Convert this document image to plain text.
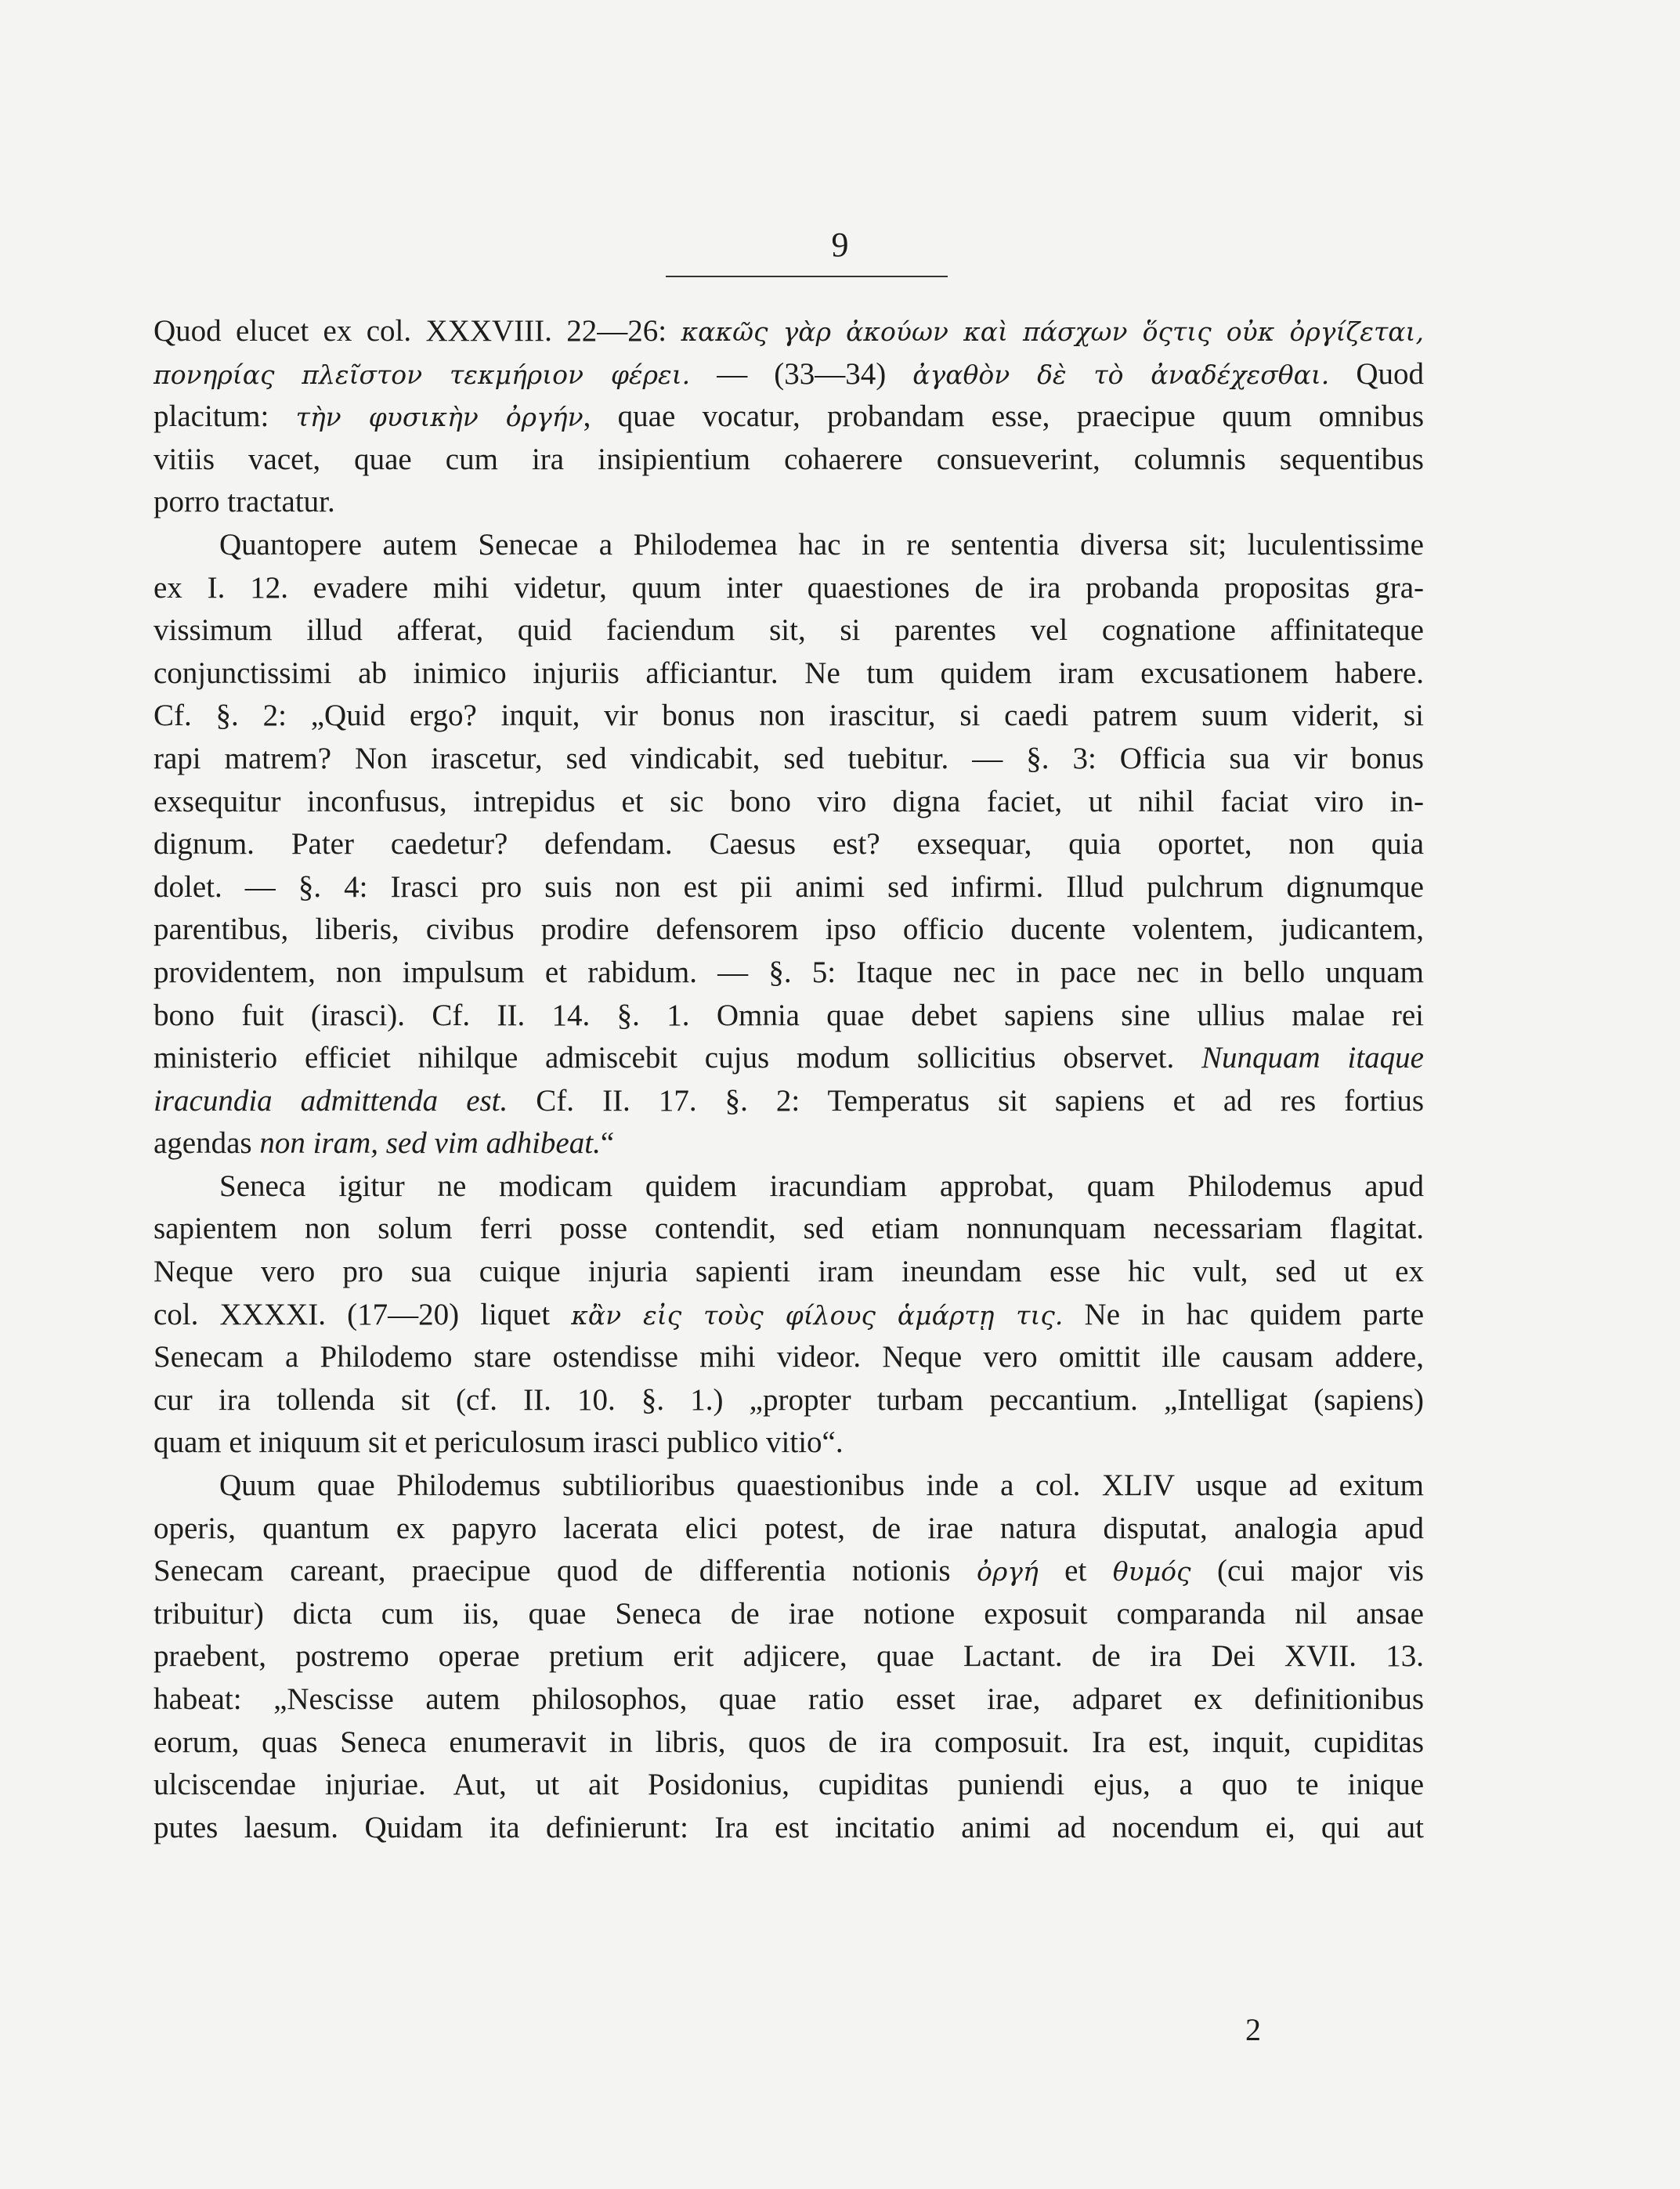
9
Quod elucet ex col. XXXVIII. 22—26: κακῶς γὰρ ἀκούων καὶ πάσχων ὅςτις οὐκ ὀργίζεται,
πονηρίας πλεῖστον τεκμήριον φέρει. — (33—34) ἀγαθὸν δὲ τὸ ἀναδέχεσθαι. Quod
placitum: τὴν φυσικὴν ὀργήν, quae vocatur, probandam esse, praecipue quum omnibus
vitiis vacet, quae cum ira insipientium cohaerere consueverint, columnis sequentibus
porro tractatur.
Quantopere autem Senecae a Philodemea hac in re sententia diversa sit; luculentissime
ex I. 12. evadere mihi videtur, quum inter quaestiones de ira probanda propositas gra-
vissimum illud afferat, quid faciendum sit, si parentes vel cognatione affinitateque
conjunctissimi ab inimico injuriis afficiantur. Ne tum quidem iram excusationem habere.
Cf. §. 2: „Quid ergo? inquit, vir bonus non irascitur, si caedi patrem suum viderit, si
rapi matrem? Non irascetur, sed vindicabit, sed tuebitur. — §. 3: Officia sua vir bonus
exsequitur inconfusus, intrepidus et sic bono viro digna faciet, ut nihil faciat viro in-
dignum. Pater caedetur? defendam. Caesus est? exsequar, quia oportet, non quia
dolet. — §. 4: Irasci pro suis non est pii animi sed infirmi. Illud pulchrum dignumque
parentibus, liberis, civibus prodire defensorem ipso officio ducente volentem, judicantem,
providentem, non impulsum et rabidum. — §. 5: Itaque nec in pace nec in bello unquam
bono fuit (irasci). Cf. II. 14. §. 1. Omnia quae debet sapiens sine ullius malae rei
ministerio efficiet nihilque admiscebit cujus modum sollicitius observet. Nunquam itaque
iracundia admittenda est. Cf. II. 17. §. 2: Temperatus sit sapiens et ad res fortius
agendas non iram, sed vim adhibeat.“
Seneca igitur ne modicam quidem iracundiam approbat, quam Philodemus apud
sapientem non solum ferri posse contendit, sed etiam nonnunquam necessariam flagitat.
Neque vero pro sua cuique injuria sapienti iram ineundam esse hic vult, sed ut ex
col. XXXXI. (17—20) liquet κἂν εἰς τοὺς φίλους ἁμάρτῃ τις. Ne in hac quidem parte
Senecam a Philodemo stare ostendisse mihi videor. Neque vero omittit ille causam addere,
cur ira tollenda sit (cf. II. 10. §. 1.) „propter turbam peccantium. „Intelligat (sapiens)
quam et iniquum sit et periculosum irasci publico vitio“.
Quum quae Philodemus subtilioribus quaestionibus inde a col. XLIV usque ad exitum
operis, quantum ex papyro lacerata elici potest, de irae natura disputat, analogia apud
Senecam careant, praecipue quod de differentia notionis ὀργή et θυμός (cui major vis
tribuitur) dicta cum iis, quae Seneca de irae notione exposuit comparanda nil ansae
praebent, postremo operae pretium erit adjicere, quae Lactant. de ira Dei XVII. 13.
habeat: „Nescisse autem philosophos, quae ratio esset irae, adparet ex definitionibus
eorum, quas Seneca enumeravit in libris, quos de ira composuit. Ira est, inquit, cupiditas
ulciscendae injuriae. Aut, ut ait Posidonius, cupiditas puniendi ejus, a quo te inique
putes laesum. Quidam ita definierunt: Ira est incitatio animi ad nocendum ei, qui aut
2
